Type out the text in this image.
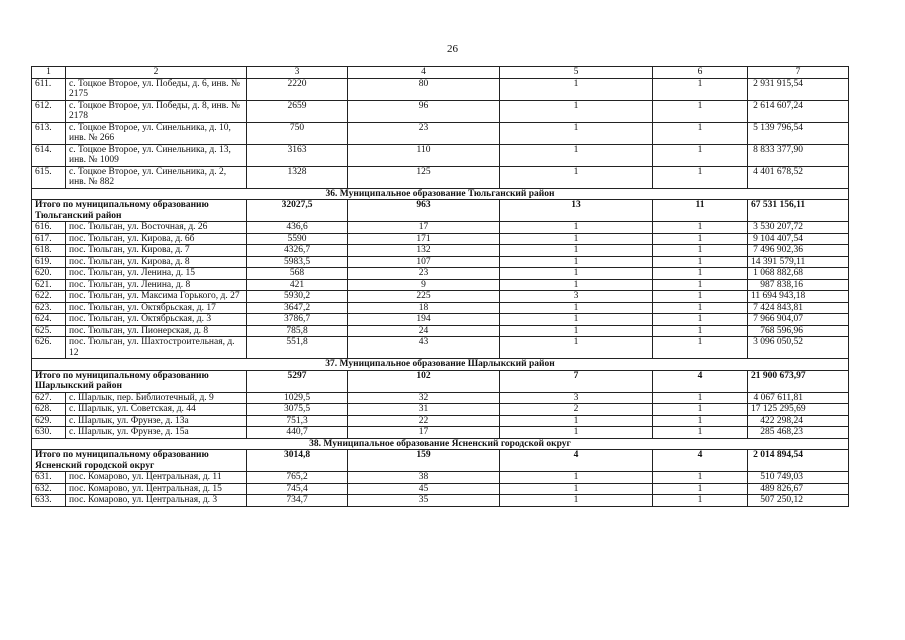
26
1	2	3	4	5	6	7
611.	с. Тоцкое Второе, ул. Победы, д. 6, инв. № 2175	2220	80	1	1	2 931 915,54
612.	с. Тоцкое Второе, ул. Победы, д. 8, инв. № 2178	2659	96	1	1	2 614 607,24
613.	с. Тоцкое Второе, ул. Синельника, д. 10, инв. № 266	750	23	1	1	5 139 796,54
614.	с. Тоцкое Второе, ул. Синельника, д. 13, инв. № 1009	3163	110	1	1	8 833 377,90
615.	с. Тоцкое Второе, ул. Синельника, д. 2, инв. № 882	1328	125	1	1	4 401 678,52
36. Муниципальное образование Тюльганский район						
Итого по муниципальному образованию Тюльганский район		32027,5	963	13	11	67 531 156,11
616.	пос. Тюльган, ул. Восточная, д. 26	436,6	17	1	1	3 530 207,72
617.	пос. Тюльган, ул. Кирова, д. 6б	5590	171	1	1	9 104 407,54
618.	пос. Тюльган, ул. Кирова, д. 7	4326,7	132	1	1	7 496 902,36
619.	пос. Тюльган, ул. Кирова, д. 8	5983,5	107	1	1	14 391 579,11
620.	пос. Тюльган, ул. Ленина, д. 15	568	23	1	1	1 068 882,68
621.	пос. Тюльган, ул. Ленина, д. 8	421	9	1	1	987 838,16
622.	пос. Тюльган, ул. Максима Горького, д. 27	5930,2	225	3	1	11 694 943,18
623.	пос. Тюльган, ул. Октябрьская, д. 17	3647,2	18	1	1	7 424 843,81
624.	пос. Тюльган, ул. Октябрьская, д. 3	3786,7	194	1	1	7 966 904,07
625.	пос. Тюльган, ул. Пионерская, д. 8	785,8	24	1	1	768 596,96
626.	пос. Тюльган, ул. Шахтостроительная, д. 12	551,8	43	1	1	3 096 050,52
37. Муниципальное образование Шарлыкский район						
Итого по муниципальному образованию Шарлыкский район		5297	102	7	4	21 900 673,97
627.	с. Шарлык, пер. Библиотечный, д. 9	1029,5	32	3	1	4 067 611,81
628.	с. Шарлык, ул. Советская, д. 44	3075,5	31	2	1	17 125 295,69
629.	с. Шарлык, ул. Фрунзе, д. 13а	751,3	22	1	1	422 298,24
630.	с. Шарлык, ул. Фрунзе, д. 15а	440,7	17	1	1	285 468,23
38. Муниципальное образование Ясненский городской округ						
Итого по муниципальному образованию Ясненский городской округ		3014,8	159	4	4	2 014 894,54
631.	пос. Комарово, ул. Центральная, д. 11	765,2	38	1	1	510 749,03
632.	пос. Комарово, ул. Центральная, д. 15	745,4	45	1	1	489 826,67
633.	пос. Комарово, ул. Центральная, д. 3	734,7	35	1	1	507 250,12
